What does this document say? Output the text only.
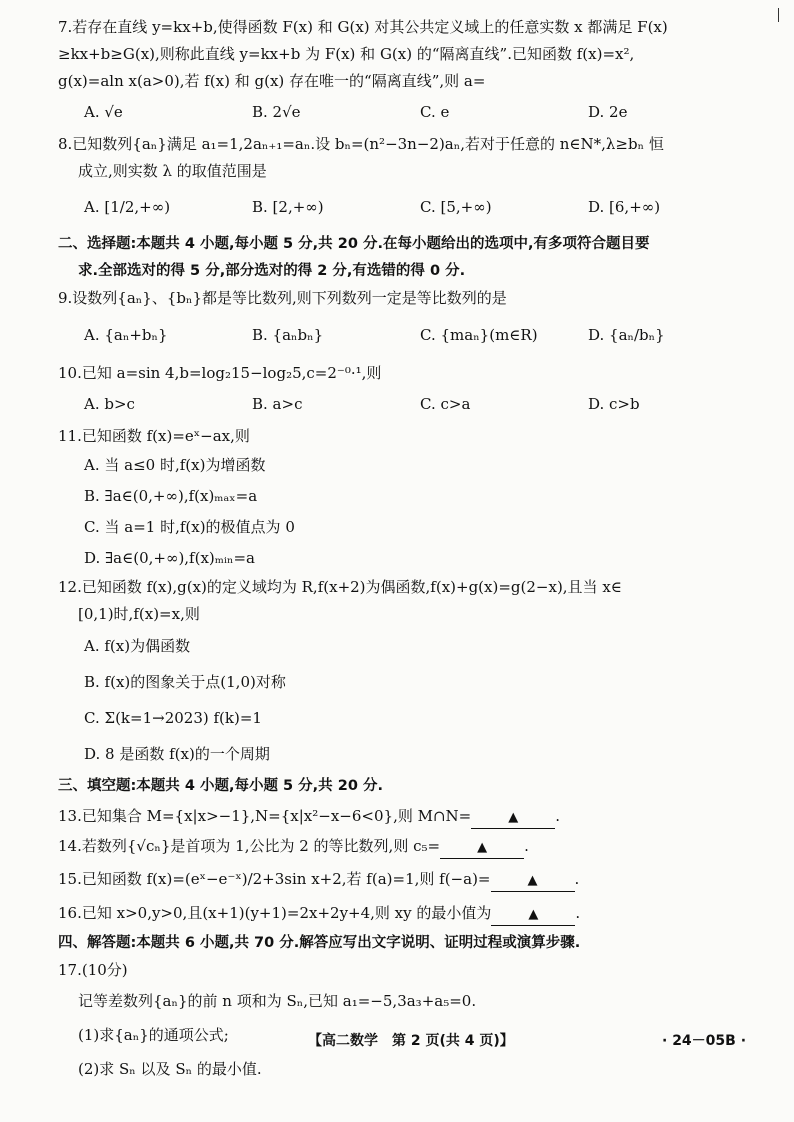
7.若存在直线 y=kx+b,使得函数 F(x) 和 G(x) 对其公共定义域上的任意实数 x 都满足 F(x)

≥kx+b≥G(x),则称此直线 y=kx+b 为 F(x) 和 G(x) 的“隔离直线”.已知函数 f(x)=x²,

g(x)=aln x(a>0),若 f(x) 和 g(x) 存在唯一的“隔离直线”,则 a=

A. √e	B. 2√e	C. e	D. 2e

8.已知数列{aₙ}满足 a₁=1,2aₙ₊₁=aₙ.设 bₙ=(n²−3n−2)aₙ,若对于任意的 n∈N*,λ≥bₙ 恒

成立,则实数 λ 的取值范围是

A. [1/2,+∞)	B. [2,+∞)	C. [5,+∞)	D. [6,+∞)

二、选择题:本题共 4 小题,每小题 5 分,共 20 分.在每小题给出的选项中,有多项符合题目要

求.全部选对的得 5 分,部分选对的得 2 分,有选错的得 0 分.

9.设数列{aₙ}、{bₙ}都是等比数列,则下列数列一定是等比数列的是

A. {aₙ+bₙ}	B. {aₙbₙ}	C. {maₙ}(m∈R)	D. {aₙ/bₙ}

10.已知 a=sin 4,b=log₂15−log₂5,c=2⁻⁰·¹,则

A. b>c	B. a>c	C. c>a	D. c>b

11.已知函数 f(x)=eˣ−ax,则

A. 当 a≤0 时,f(x)为增函数
B. ∃a∈(0,+∞),f(x)ₘₐₓ=a
C. 当 a=1 时,f(x)的极值点为 0
D. ∃a∈(0,+∞),f(x)ₘᵢₙ=a

12.已知函数 f(x),g(x)的定义域均为 R,f(x+2)为偶函数,f(x)+g(x)=g(2−x),且当 x∈

[0,1)时,f(x)=x,则

A. f(x)为偶函数
B. f(x)的图象关于点(1,0)对称
C. Σ(k=1→2023) f(k)=1
D. 8 是函数 f(x)的一个周期

三、填空题:本题共 4 小题,每小题 5 分,共 20 分.

13.已知集合 M={x|x>−1},N={x|x²−x−6<0},则 M∩N=	▲ .

14.若数列{√cₙ}是首项为 1,公比为 2 的等比数列,则 c₅=	▲ .

15.已知函数 f(x)=(eˣ−e⁻ˣ)/2+3sin x+2,若 f(a)=1,则 f(−a)=	▲ .

16.已知 x>0,y>0,且(x+1)(y+1)=2x+2y+4,则 xy 的最小值为	▲ .

四、解答题:本题共 6 小题,共 70 分.解答应写出文字说明、证明过程或演算步骤.

17.(10分)

记等差数列{aₙ}的前 n 项和为 Sₙ,已知 a₁=−5,3a₃+a₅=0.

(1)求{aₙ}的通项公式;

(2)求 Sₙ 以及 Sₙ 的最小值.

【高二数学　第 2 页(共 4 页)】	· 24－05B ·
